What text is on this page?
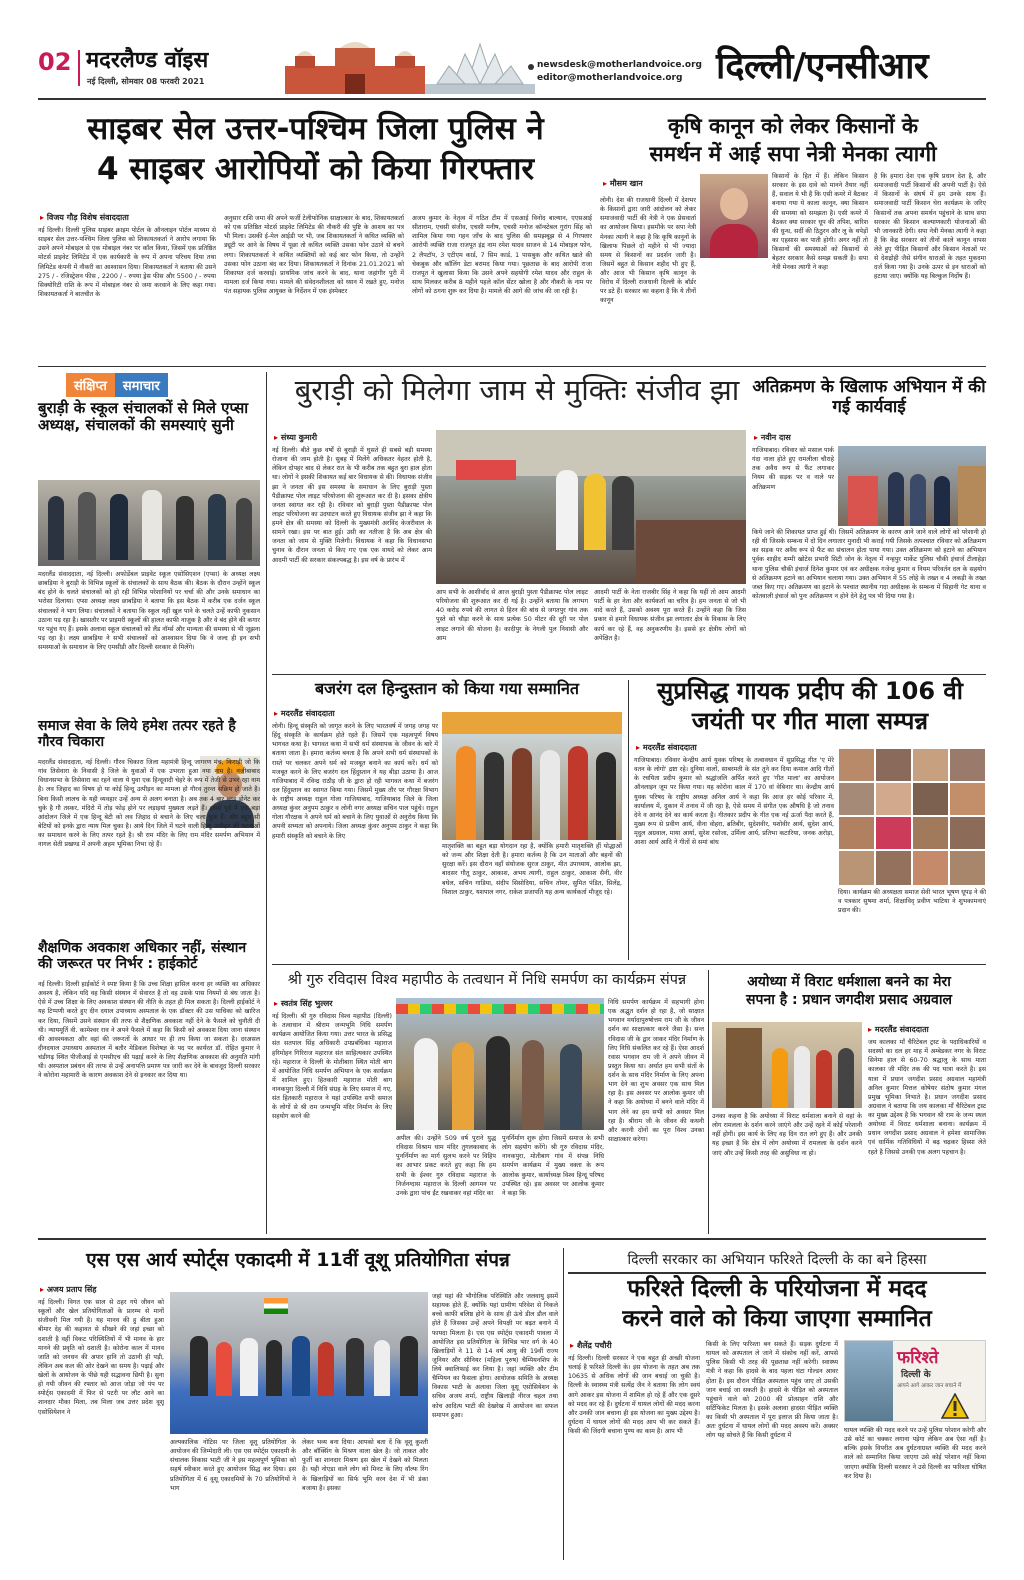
02 मदरलैण्ड वॉइस
नई दिल्ली, सोमवार 08 फरवरी 2021
newsdesk@motherlandvoice.org
editor@motherlandvoice.org दिल्ली/एनसीआर
साइबर सेल उत्तर-पश्चिम जिला पुलिस ने
4 साइबर आरोपियों को किया गिरफ्तार
▸ विजय गौड़ विशेष संवाददाता
नई दिल्ली। दिल्ली पुलिस साइबर क्राइम पोर्टल के ऑनलाइन पोर्टल माध्यम से साइबर सेल उत्तर-पश्चिम जिला पुलिस को शिकायतकर्ता ने आरोप लगाया कि उसने अपने मोबाइल से एक मोबाइल नंबर पर कॉल किया, जिसमें एक प्रतिष्ठित मोटर्स प्राइवेट लिमिटेड में एक कार्यकारी के रूप में अपना परिचय दिया तथा लिमिटेड कंपनी में नौकरी का आश्वासन दिया। शिकायतकर्ता ने बताया की उसने 275 / - रजिस्ट्रेशन फीस , 2200 / - रुपया ड्रेस फीस और 5500 / - रुपया सिक्योरिटी राशि के रूप में मोबाइल नंबर से जमा करवाने के लिए कहा गया। शिकायतकर्ता ने बातचीत के
अनुसार राशि जमा की अपने फर्जी टेलीफोनिक साक्षात्कार के बाद, शिकायतकर्ता को एक प्रतिष्ठित मोटर्स प्राइवेट लिमिटेड की नौकरी की पुष्टि के आशय का पत्र भी मिला। उसकी ई-मेल आईडी पर भी, जब शिकायतकर्ता ने कथित व्यक्ति को ड्यूटी पर आने के विषय में पूछा तो कथित व्यक्ति उसका फोन उठाने से बचने लगा। शिकायतकर्ता ने कथित व्यक्तियों को कई बार फोन किया, तो उन्होंने उसका फोन उठाना बंद कर दिया। शिकायतकर्ता ने दिनांक 21.01.2021 को शिकायत दर्ज करवाई। प्राथमिक जांच करने के बाद, थाना जहांगीर पुरी में मामला दर्ज किया गया। मामले की संवेदनशीलता को ध्यान में रखते हुए, मनोज पंत सहायक पुलिस आयुक्त के निर्देशन में एक इंस्पेक्टर
अजय कुमार के नेतृत्व में गठित टीम में एसआई विनोद बाल्यान, एएसआई सीताराम, एचसी संजीव, एचसी मनीष, एचसी मनोज कॉन्स्टेबल गुरांग सिंह को शामिल किया गया गहन जाँच के बाद पुलिस की समझबूझ से 4 गिरफ्तार आरोपी व्यक्ति राजा राजपूत इंद्र नाम रमेश यादव साजन से 14 मोबाइल फोन, 2 लैपटॉप, 3 एटीएम कार्ड, 7 सिम कार्ड, 1 पासबुक और कथित खाते की चेकबुक और कॉलिंग डेटा बरामद किया गया। पूछताछ के बाद आरोपी राजा राजपूत ने खुलासा किया कि उसने अपने सहयोगी रमेश यादव और राहुल के साथ मिलकर करीब 8 महीने पहले कॉल सेंटर खोला है और नौकरी के नाम पर लोगों को ठगना शुरू कर दिया है। मामले की आगे की जांच की जा रही है।
कृषि कानून को लेकर किसानों के
समर्थन में आई सपा नेत्री मेनका त्यागी
▸ मौसम खान
लोनी। देश की राजधानी दिल्ली में देशभर के किसानों द्वारा जारी आंदोलन को लेकर समाजवादी पार्टी की नेत्री ने एक प्रेसवार्ता का आयोजन किया। इसमौके पर सपा नेत्री मेनका त्यागी ने कहा है कि कृषि कानूनों के खिलाफ पिछले दो महीने से भी ज्यादा समय से किसानों का प्रदर्शन जारी है। जिसमें बहुत से किसान शहीद भी हुए हैं, और आज भी किसान कृषि कानून के विरोध में दिल्ली राजधानी दिल्ली के बॉर्डर पर डटे हैं। सरकार का कहना है कि ये तीनों कानून
किसानों के हित में हैं। लेकिन किसान सरकार के इस दावे को मानने तैयार नहीं हैं, सवाल ये भी है कि एसी कमरे में बैठकर बनाया गया ये काला कानून, क्या किसान की समस्या को समझता है। एसी कमरे में बैठकर क्या सरकार धूप की तपिश, बारिश की धुन्ध, सर्दी की ठिठुरन और लू के थपेड़ों का एहसास कर पाती होगी। अगर नहीं तो किसानों की समस्याओं को किसानों से बेहतर सरकार कैसे समझ सकती है। सपा नेत्री मेनका त्यागी ने कहा
है कि हमारा देश एक कृषि प्रधान देश है, और समाजवादी पार्टी किसानों की अपनी पार्टी है। ऐसे में किसानों के संघर्ष में हम उनके साथ हैं। समाजवादी पार्टी किसान घेरा कार्यक्रम के जरिए किसानों तक अपना समर्थन पहुंचाने के साथ सपा सरकार की किसान कल्याणकारी योजनाओं की भी जानकारी देगी। सपा नेत्री मेनका त्यागी ने कहा है कि केंद्र सरकार को तीनों काले कानून वापस लेते हुए पीड़ित किसानों और किसान नेताओं पर से देशद्रोही जैसे संगीन धाराओं के तहत मुकदमा दर्ज किया गया है। उनके ऊपर से इन धाराओं को हटाया जाए। क्योंकि यह बिल्कुल निर्दोष हैं।
संक्षिप्त समाचार
बुराड़ी के स्कूल संचालकों से मिले एप्सा अध्यक्ष, संचालकों की समस्याएं सुनी
मदरलैंड संवाददाता, नई दिल्ली। अफोर्डेबल प्राइवेट स्कूल एसोसिएशन (एप्सा) के अध्यक्ष लक्ष्य छाबड़िया ने बुराड़ी के विभिन्न स्कूलों के संचालकों के साथ बैठक की। बैठक के दौरान उन्होंने स्कूल बंद होने के चलते संचालकों को हो रही विभिन्न परेशानियों पर चर्चा की और उनके समाधान का भरोसा दिलाया। एप्सा अध्यक्ष लक्ष्य छाबड़िया ने बताया कि इस बैठक में करीब एक दर्जन स्कूल संचालकों ने भाग लिया। संचालकों ने बताया कि स्कूल नहीं खुल पाने के चलते उन्हें काफी नुकसान उठाना पड़ रहा है। खासतौर पर प्राइमरी स्कूलों की हालत काफी नाजुक है और वे बंद होने की कगार पर पहुंच गए हैं। इसके अलावा स्कूल संचालकों को लैंड नॉर्म्स और मान्यता की समस्या से भी जूझना पड़ रहा है। लक्ष्य छाबड़िया ने सभी संचालकों को आश्वासन दिया कि वे जल्द ही इन सभी समस्याओं के समाधान के लिए एमसीडी और दिल्ली सरकार से मिलेंगे।
समाज सेवा के लिये हमेश तत्पर रहते है गौरव चिकारा
मदरलैंड संवाददाता, नई दिल्ली। गौरव चिकारा जिला महामंत्री हिन्दू जागरण मंच, किराड़ी जो कि गांव तिसेवारा के निवासी है जिले के युवाओं में एक उभरता हुआ नया नाम है। नजीबाबाद विधानसभा के तिसेवारा का रहने वाला ये युवा एक हिन्दूवादी चेहरे के रूप में तेजी से उभर रहा नाम है। लव जिहाद का विषय हो या कोई हिन्दू उत्पीड़न का मामला हो गौरव तुरन्त सक्रिय हो जाते है। बिना किसी लालच के यही व्यवहार उन्हें अन्य से अलग बनाता है। अब तक 4 बार ब्लड डोनेट कर चुके है गौ तस्कर, मंदिरो में तोड़ फोड़ होने पर लड़ाइयां मुख्यता लड़ते हैं। इससे पूर्व में एक बड़ा आंदोलन जिले में एक हिन्दू बेटी को लव जिहाद से बचाने के लिए चला चुके हैं। और बहुत सी बेटियों को इनके द्वारा न्याय मिल चुका है। आये दिन जिले में घटने वाली हिन्दू उत्पीड़न की घटनाओं का समाधान करने के लिए तत्पर रहते है। श्री राम मंदिर के लिए राम मंदिर समर्पण अभियान में नागल सेती प्रखण्ड में अपनी अहम भूमिका निभा रहे हैं।
शैक्षणिक अवकाश अधिकार नहीं, संस्थान की जरूरत पर निर्भर : हाईकोर्ट
नई दिल्ली। दिल्ली हाईकोर्ट ने स्पष्ट किया है कि उच्च शिक्षा हासिल करना हर व्यक्ति का अधिकार अवश्य है, लेकिन यदि वह किसी संस्थान में सेवारत है तो वह उसके पास नियमों से बंध जाता है। ऐसे में उच्च शिक्षा के लिए अवकाश संस्थान की नीति के तहत ही मिल सकता है। दिल्ली हाईकोर्ट ने यह टिप्पणी करते हुए दीन दयाल उपाध्याय अस्पताल के एक डॉक्टर की उस याचिका को खारिज कर दिया, जिसमें उसने संस्थान की तरफ से शैक्षणिक अवकाश नहीं देने के फैसले को चुनौती दी थी। न्यायमूर्ति वी. कामेश्वर राव ने अपने फैसले में कहा कि किसी को अवकाश दिया जाना संस्थान की आवश्यकता और वहां की जरूरतों के आधार पर ही तय किया जा सकता है। दरअसल दीनदयाल उपाध्याय अस्पताल में बतौर मेडिकल विशेषज्ञ के पद पर कार्यरत डॉ. रोहित कुमार ने चंडीगढ़ स्थित पीजीआई से एमसीएच की पढ़ाई करने के लिए शैक्षणिक अवकाश की अनुमति मांगी थी। अस्पताल प्रबंधन की तरफ से उन्हें अनापत्ति प्रमाण पत्र जारी कर देने के बावजूद दिल्ली सरकार ने कोरोना महामारी के कारण अवकाश देने से इनकार कर दिया था।
बुराड़ी को मिलेगा जाम से मुक्तिः संजीव झा
▸ संध्या कुमारी
नई दिल्ली। बीते कुछ वर्षों से बुराड़ी में घुसते ही सबसे बड़ी समस्या रोजाना की जाम होती है। सुबह में मिलेंगे अधिकतर वेहतर होती है, लेकिन दोपहर बाद से लेकर रात के भी करीब तक बहुत बुरा हाल होता था। लोगों ने इसकी शिकायत कई बार विधायक से की। विधायक संजीव झा ने जनता की इस समस्या के समाधान के लिए बुराड़ी पुस्ता पैडीक्राफ्ट पोल लाइट परियोजना की शुरूआत कर दी है। इसका क्षेत्रीय जनता स्वागत कर रही है। रविवार को बुराड़ी पुस्ता पैडीक्राफ्ट पोल लाइट परियोजना का उदघाटन करते हुए विधायक संजीव झा ने कहा कि हमने क्षेत्र की समस्या को दिल्ली के मुख्यमंत्री अरविंद केजरीवाल के सामने रखा। इस पर बात हुई। उसी का नतीजा है कि अब क्षेत्र की जनता को जाम से मुक्ति मिलेगी। विधायक ने कहा कि विधानसभा चुनाव के दौरान जनता से किए गए एक एक वायदे को लेकर आम आदमी पार्टी की सरकार संकल्पबद्ध है। इस वर्ष के प्रारंभ में
आप सभी के आशीर्वाद से आज बुराड़ी पुस्ता पैडीक्राफ्ट पोल लाइट परियोजना की शुरूआत कर दी गई है। उन्होंने बताया कि लगभग 40 करोड़ रुपये की लागत से हिरन की बांध से जगतपुर गांव तक पुस्ते को चौड़ा करने के साथ प्रत्येक 50 मीटर की दूरी पर पोल लाइट लगाने की योजना है। कादीपुर के नेगली पुल निवासी और आम
आदमी पार्टी के नेता राजबीर सिंह ने कहा कि यहीं तो आम आदमी पार्टी के हर नेता और कार्यकर्ता का चरित्र है। हम जनता से जो भी वादे करते हैं, उसको अवश्य पूरा करते हैं। उन्होंने कहा कि जिस प्रकार से हमारे विधायक संजीव झा लगातार क्षेत्र के विकास के लिए कार्य कर रहे हैं, वह अनुकरणीय है। इससे हर क्षेत्रीय लोगों को अपेक्षित है।
अतिक्रमण के खिलाफ अभियान में की गई कार्यवाई
▸ नवीन दास
गाजियाबाद। रविवार को मसाल पार्क गंदा नाला होते हुए रामलीला चौराहे तक अवैध रूप से फैंट लगाकर नियम की सड़क पर व नाले पर अतिक्रमण
किये जाने की शिकायत प्राप्त हुई थी। जिसमें अतिक्रमण के कारण आने जाने वाले लोगों को परेशानी हो रही थी जिसके सम्बन्ध में दो दिन लगातार मुनादी भी कराई गयी जिसके तत्पश्चात रविवार को अतिक्रमण का सड़क पर अवैध रूप से फैंट का संचालन होता पाया गया। उक्त अतिक्रमण को हटाने का अभियान पूर्वक शाहीद शम्मी खोटेस प्रभारी सिटी जोन के नेतृत्व में नन्हपुर मार्केट पुलिस चौकी इंचार्ज टीलाहेड़ा थाना पुलिस चौकी इंचार्ज दिनेश कुमार एवं कर अधीक्षक गजेन्द्र कुमार व नियम परिवर्तन दल के सहयोग से अतिक्रमण हटाने का अभियान चलाया गया। उक्त अभियान में 55 लोहे के तख्त व 4 लकड़ी के तख्त जब्त किए गए। अतिक्रमण का हटाने के पश्चात स्थानीय गदा अधीक्षक के सम्बन्ध में सिहानी गेट थाना व कोतवाली इंचार्ज को पुनः अतिक्रमण न होने देने हेतु पत्र भी दिया गया है।
बजरंग दल हिन्दुस्तान को किया गया सम्मानित
▸ मदरलैंड संवाददाता
लोनी। हिन्दू संस्कृति को जागृत करने के लिए भारतवर्ष में जगह जगह पर हिंदू संस्कृति के कार्यक्रम होते रहते हैं। जिसमें एक महत्वपूर्ण विषय भागवत कथा है। भागवत कथा में सभी धर्म संस्थापक के जीवन के बारे में बताया जाता है। हमारा कर्तव्य बनता है कि अपने सभी धर्म संस्थापकों के रास्ते पर चलकर अपने धर्म को मजबूत बनाने का कार्य करें। धर्म को मजबूत करने के लिए बजरंग दल हिंदुस्तान ने यह बीड़ा उठाया है। आज गाजियाबाद में रविन्द्र राठौड़ जी के द्वारा हो रही भागवत कथा में बजरंग दल हिंदुस्तान का स्वागत किया गया। जिसमें मुख्य तौर पर गौरक्षा विभाग के राष्ट्रीय अध्यक्ष राहुल गोला गाजियाबाद, गाजियाबाद जिले के जिला अध्यक्ष कुंवर अनुपम ठाकुर व लोनी नगर अध्यक्ष सचिन पाल पहुंचे। राहुल गोला गौरक्षक ने अपने धर्म को बचाने के लिए युवाओं से अनुरोध किया कि अपनी सभ्यता को अपनाये। जिला अध्यक्ष कुंवर अनुपम ठाकुर ने कहा कि हमारी संस्कृति को बचाने के लिए
मातृशक्ति का बहुत बड़ा योगदान रहा है, क्योंकि हमारी मातृशक्ति हीं योद्धाओं को जन्म और शिक्षा देती है। हमारा कर्तव्य है कि उन माताओं और बहनों की सुरक्षा करें। इस दौरान वहाँ संयोजक सुरज ठाकुर, मीत उपाध्याय, आलोक झा, बादसर गौतू ठाकुर, आकाश, अभय त्यागी, राहुल ठाकुर, आकाश सैनी, वीर बघेल, सचिन गाडिया, संदीप सिसोदिया, सचिन तोमर, सुमित पंडित, सिलेंद्र, विशाल ठाकुर, यशपाल नगर, राकेश प्रजापति यह अन्य कार्यकर्ता मौजूद रहे।
सुप्रसिद्ध गायक प्रदीप की 106 वी
जयंती पर गीत माला सम्पन्न
▸ मदरलैंड संवाददाता
गाजियाबाद। रविवार केन्द्रीय आर्य युवक परिषद के तत्वावधान में सुप्रसिद्ध गीत 'ए मेरे वतन के लोगो' द्रष्टा रहे। दुनिया वालों, साबरमती के संत तूने कर दिया कमाल आदि गीतों के रचयिता प्रदीप कुमार को श्रद्धांजलि अर्पित करते हुए 'गीत माला' का आयोजन ऑनलाइन जूम पर किया गया। यह कोरोना काल में 170 वां वेबिनार था। केन्द्रीय आर्य युवक परिषद के राष्ट्रीय अध्यक्ष अनिल आर्य ने कहा कि आज हर कोई परिवार में, कार्यालय में, दुकान में तनाव में जी रहा है, ऐसे समय में संगीत एक औषधि है जो तनाव देने व आनंद देने का कार्य करता है। गीतकार प्रदीप के गीत एक नई ऊर्जा पैदा करते हैं, मुख्य रूप से प्रवीण आर्य, वीना वोहरा, ब्रतिबीर, सुदेशवीर, यशोवीर आर्य, सुदेश आर्य, मृदुल अग्रवाल, माया आर्या, सुरेश रसोजा, उर्मिला आर्य, प्रतिभा कटारिया, जनक अरोड़ा, आशा आर्य आदि ने गीतों से समां बांध
दिया। कार्यक्रम की अध्यक्षता समाज सेवी भारत भूषण धूपड़ ने की व पत्रकार सुषमा शर्मा, शिक्षाविद् प्रवीण भाटिया ने शुभकामनाएं प्रदान की।
श्री गुरु रविदास विश्व महापीठ के तत्वधान में निधि समर्पण का कार्यक्रम संपन्न
▸ स्वतंत्र सिंह भुल्लर
नई दिल्ली। श्री गुरु रविदास विश्व महापीठ (दिल्ली) के तत्वाधान में श्रीराम जन्मभूमि निधि समर्पण कार्यक्रम आयोजित किया गया। उत्तर भारत के प्रसिद्ध संत सतपाल सिंह अधिकारी उपप्रबंधिका महाराज हरिमोहन गिरिराज महाराज संत साहित्यकार उपस्थित रहे। महाराज ने दिल्ली के मोतीबाग़ स्थित मोती बाग में आयोजित निधि समर्पण अभियान के एक कार्यक्रम में शामिल हुए। हितकारी महाराज मोती बाग नानकपुरा दिल्ली में निधि संग्रह के लिए समाज में गए, संत हितकारी महाराज ने यहां उपस्थित सभी समाज के लोगों से श्री राम जन्मभूमि मंदिर निर्माण के लिए सहयोग करने की
अपील की। उन्होंने 509 वर्ष पुराने युद्ध रविदास विश्राम धाम मंदिर तुगलकाबाद के पुनर्निर्माण का मार्ग सुलभ करने पर विहिप का आभार प्रकट करते हुए कहा कि हम सभी के ईश्वर गुरु रविदास महाराज के निर्जनग्दास महाराज के दिल्ली आगमन पर उनके द्वारा पांच ईंट रखवाकर वहां मंदिर का
पुनर्निर्माण शुरू होगा जिसमें समाज के सभी लोग सहयोग करेंगे। श्री गुरु रविदास मंदिर, नानकपुरा, मोतीबाग गांव में संपन्न निधि समर्पण कार्यक्रम में मुख्य वक्ता के रूप आलोक कुमार, कार्याध्यक्ष विश्व हिन्दू परिषद उपस्थित रहे। इस अवसर पर आलोक कुमार ने कहा कि
निधि समर्पण कार्यक्रम में सहभागी होना एक अद्भुत दर्शन हो रहा है, जो साक्षात भगवान मर्यादापुरुषोत्तम राम जी के जीवन दर्शन का साक्षात्कार करने जैसा है। सन्त रविदास जी के द्वार जाकर मंदिर निर्माण के लिए निधि संकलित कर रहे हैं। ऐसा आदर्श रवास भगवान राम जी ने अपने जीवन में प्रस्तुत किया था। अर्थात हम सभी संतों के दर्शन के साथ मंदिर निर्माण के लिए अपना भाग देने का शुभ अवसर एक साथ मिल रहा है। इस अवसर पर आलोक कुमार जी ने कहा कि अयोध्या में बनने वाले मंदिर में भाग लेने का हम सभी को अवसर मिल रहा है। श्रीराम जी के जीवन की कथनी और करनी दोनों का पूरा विश्व उनका साक्षात्कार करेगा।
अयोध्या में विराट धर्मशाला बनने का मेरा
सपना है : प्रधान जगदीश प्रसाद अग्रवाल
▸ मदरलैंड संवाददाता
जय कालका माँ चैरिटेबल ट्रस्ट के पदाधिकारियों व सदस्यो का दल हर माह में अम्बेडकर नगर के विराट सिनेमा हाल से 60-70 श्रद्धालु के साथ माता कालका जी मंदिर तक की पद यात्रा करते है। इस यात्रा में प्रधान जगदीश प्रसाद अग्रवाल महामंत्री अनिल कुमार मित्तल कोषेयर संतोष कुमार मंगल प्रमुख भूमिका निभाते है। प्रधान जगदीश प्रसाद अग्रवाल ने बताया कि जय कालका माँ चैरिटेबल ट्रस्ट का मुख्य उद्देश्य है कि भगवान श्री राम के जन्म स्थल अयोध्या में विराट धर्मशाला बनाना। कार्यक्रम में प्रधान जगदीश प्रसाद अग्रवाल ने हमेशा सामाजिक एवं धार्मिक गतिविधियों में बढ़ चढ़कर हिस्सा लेते रहते है जिससे उनकी एक अलग पहचान है।
उनका कहना है कि अयोध्या में विराट धर्मशाला बनाने से वहां के लोग रामलला के दर्शन करने जाएंगे और उन्हें रहने में कोई परेशानी नहीं होगी। इस कार्य के लिए वह दिन रात लगे हुए हैं। और उनकी यह इच्छा है कि क्षेत्र में लोग अयोध्या में रामलला के दर्शन करने जाएं और उन्हें किसी तरह की असुविधा ना हो।
एस एस आर्य स्पोर्ट्स एकादमी में 11वीं वूशू प्रतियोगिता संपन्न
▸ अजय प्रताप सिंह
नई दिल्ली। विगत एक साल से ठहर गये जीवन को स्कूलों और खेल प्रतियोगिताओं के प्रारम्भ से मानों संजीवनी मिल गयी है। यह मानव की हु बीता हुआ बीमार देह की कहावत से सीखने की जहां इच्छा को दशाती है वहीं विकट परिस्थितियों में भी मानव के हार मानने की प्रवृति को दशाती है। कोरोना काल में मानव जाति को जनधन की अपार हानि तो उठानी ही पड़ी, लेकिन अब कल की ओर देखने का समय है। पढ़ाई और खेलों के आयोजन के पीछे यही सद्भावना छिपी है। सुना हो गयी जीवन की रफ्तार को आज जोड़ा जो पंप पर स्पोर्ट्स एकादमी में फिर से पटरी पर लौट आने का शानदार मौका मिला, तब मिला जब उत्तर प्रदेश वूशू एसोसियेशन ने
अल्पकालिक नोटिस पर जिला वूशू प्रतियोगिता के आयोजन की जिम्मेदारी ली। एस एस स्पोर्ट्स एकादमी के संचालक विकास भाटी जी ने इस महत्वपूर्ण भूमिका को सहर्ष स्वीकार करते हुए आयोजन सिद्ध कर दिया। इस प्रतियोगिता में 6 वूशू एकादमियों के 70 प्रतियोगियों ने भाग
लेकर भव्य बना दिया। आपको बता दें कि वूशू कुश्ती और बॉक्सिंग के मिश्रण वाला खेल है। जो ताकत और फुर्ती का शानदार मिश्रण इस खेल में देखने को मिलता है। यही नोएडा वाले लोग को मिनट के लिए वॉल्फ रिंग के खिलाड़ियों का सिर्फ भूमि वरन देश में भी डंका बजाया है। इसका
जहां यहां की भौगोलिक परिस्थिति और जलवायु इसमें सहायक होते हैं, क्योंकि यहां ग्रामीण परिवेश से निकले बच्चे काफी बलिष्ठ होने के साथ ही ऊंचे डील डौल वाले होते हैं जिसका उन्हें अपने विपक्षी पर बढ़त बनाने में फायदा मिलता है। एस एस स्पोर्ट्स एकादमी पावला में आयोजित इस प्रतियोगिता के विभिन्न भार वर्ग के 40 खिलाड़ियों ने 11 से 14 वर्ष आयु की 19वीं राज्य जूनियर और सीनियर (महिला पुरुष) चैम्पियनशिप के लिये क्वालिफाई कर लिया है। जहां व्यक्ति और टीम चैम्पियन का फैसला होगा। आयोजक समिति के अध्यक्ष विकास भाटी के अलावा जिला वूशू एसोसियेशन के सचिव अजय शर्मा, राष्ट्रीय खिलाड़ी नीरज चहल तथा कोच आदित्य भाटी की देखरेख में आयोजन का सफल समापन हुआ।
दिल्ली सरकार का अभियान फरिश्ते दिल्ली के का बने हिस्सा
फरिश्ते दिल्ली के परियोजना में मदद
करने वाले को किया जाएगा सम्मानित
▸ शैलेंद्र पचौरी
नई दिल्ली। दिल्ली सरकार ने एक बहुत ही अच्छी योजना चलाई है फरिश्ते दिल्ली के। इस योजना के तहत अब तक 10635 से अधिक लोगों की जान बचाई जा चुकी है। दिल्ली के स्वास्थ्य मंत्री सत्येंद्र जैन ने बताया कि लोग स्वयं आगे आकर इस योजना में शामिल हो रहे हैं और एक दूसरे को मदद कर रहे हैं। दुर्घटना में घायल लोगों की मदद करना और उनकी जान बचाना ही इस योजना का मुख्य उद्देश्य है। दुर्घटना में घायल लोगों की मदद आप भी कर सकते हैं। किसी की जिंदगी बचाना पुण्य का काम है। आप भी
किसी के लिए फरिश्ता बन सकते हैं। सड़क दुर्घटना में घायल को अस्पताल ले जाने में संकोच नहीं करें, आपसे पुलिस किसी भी तरह की पूछताछ नहीं करेगी। स्वास्थ्य मंत्री ने कहा कि हादसे के बाद पहला घंटा गोल्डन आवर होता है। इस दौरान पीड़ित अस्पताल पहुंच जाए तो उसकी जान बचाई जा सकती है। हादसे के पीड़ित को अस्पताल पहुंचाने वाले को 2000 की प्रोत्साहन राशि और सर्टिफिकेट मिलता है। इसके अलावा हादसा पीड़ित व्यक्ति का किसी भी अस्पताल में पूरा इलाज फ्री किया जाता है। अतः दुर्घटना में घायल लोगों की मदद अवश्य करें। अक्सर लोग यह सोचते हैं कि किसी दुर्घटना में
फरिश्ते
दिल्ली के
आपने आगे आकर जान बचाने में
घायल व्यक्ति की मदद करने पर उन्हें पुलिस परेशान करेगी और उसे कोर्ट का चक्कर लगाना पड़ेगा लेकिन अब ऐसा नहीं है। बल्कि इसके विपरीत अब दुर्घटनाग्रस्त व्यक्ति की मदद करने वाले को सम्मानित किया जाएगा उसे कोई परेशान नहीं किया जाएगा क्योंकि दिल्ली सरकार ने उसे दिल्ली का फरिश्ता घोषित कर दिया है।
